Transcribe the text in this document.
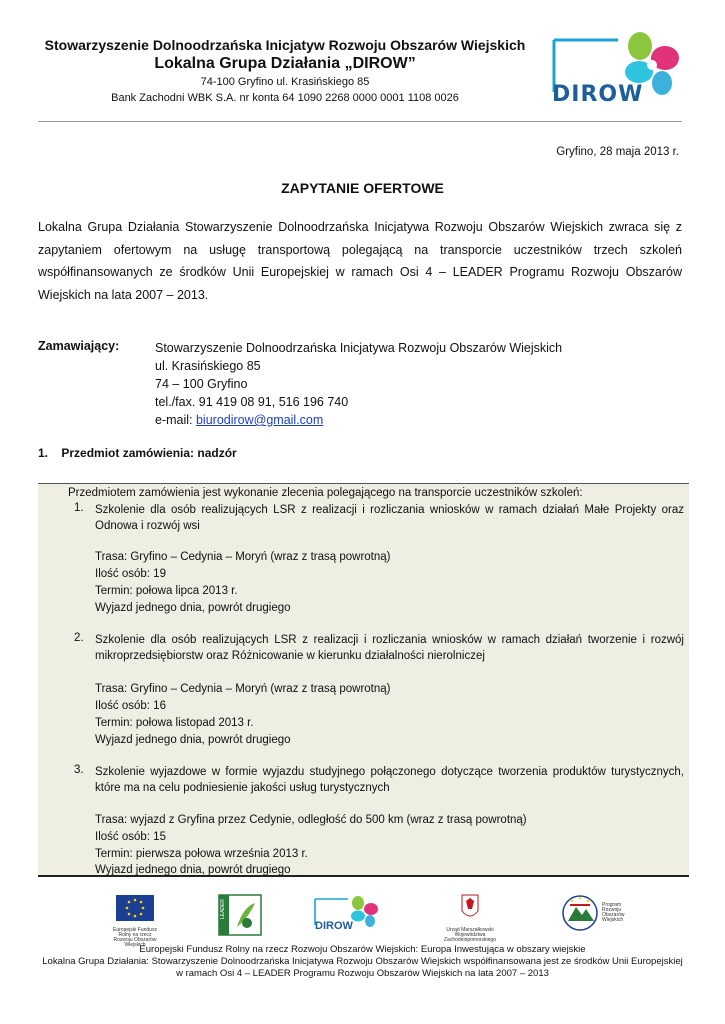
Stowarzyszenie Dolnoodrzańska Inicjatyw Rozwoju Obszarów Wiejskich
Lokalna Grupa Działania „DIROW”
74-100 Gryfino ul. Krasińskiego 85
Bank Zachodni WBK S.A. nr konta 64 1090 2268 0000 0001 1108 0026	DIROW
Gryfino, 28 maja 2013 r.
ZAPYTANIE OFERTOWE
Lokalna Grupa Działania Stowarzyszenie Dolnoodrzańska Inicjatywa Rozwoju Obszarów Wiejskich zwraca się z zapytaniem ofertowym na usługę transportową polegającą na transporcie uczestników trzech szkoleń współfinansowanych ze środków Unii Europejskiej w ramach Osi 4 – LEADER Programu Rozwoju Obszarów Wiejskich na lata 2007 – 2013.
Zamawiający:	Stowarzyszenie Dolnoodrzańska Inicjatywa Rozwoju Obszarów Wiejskich
ul. Krasińskiego 85
74 – 100 Gryfino
tel./fax. 91 419 08 91, 516 196 740
e-mail: biurodirow@gmail.com
1. Przedmiot zamówienia: nadzór
Przedmiotem zamówienia jest wykonanie zlecenia polegającego na transporcie uczestników szkoleń:
1. Szkolenie dla osób realizujących LSR z realizacji i rozliczania wniosków w ramach działań Małe Projekty oraz Odnowa i rozwój wsi
Trasa: Gryfino – Cedynia – Moryń (wraz z trasą powrotną)
Ilość osób: 19
Termin: połowa lipca 2013 r.
Wyjazd jednego dnia, powrót drugiego
2. Szkolenie dla osób realizujących LSR z realizacji i rozliczania wniosków w ramach działań tworzenie i rozwój mikroprzedsiębiorstw oraz Różnicowanie w kierunku działalności nierolniczej
Trasa: Gryfino – Cedynia – Moryń (wraz z trasą powrotną)
Ilość osób: 16
Termin: połowa listopad 2013 r.
Wyjazd jednego dnia, powrót drugiego
3. Szkolenie wyjazdowe w formie wyjazdu studyjnego połączonego dotyczące tworzenia produktów turystycznych, które ma na celu podniesienie jakości usług turystycznych
Trasa: wyjazd z Gryfina przez Cedynie, odległość do 500 km (wraz z trasą powrotną)
Ilość osób: 15
Termin: pierwsza połowa września 2013 r.
Wyjazd jednego dnia, powrót drugiego
Europejski Fundusz Rolny na rzecz Rozwoju Obszarów Wiejskich
LEADER
DIROW	Urząd Marszałkowski Województwa Zachodniopomorskiego
Program Rozwoju Obszarów Wiejskich
Europejski Fundusz Rolny na rzecz Rozwoju Obszarów Wiejskich: Europa Inwestująca w obszary wiejskie
Lokalna Grupa Działania: Stowarzyszenie Dolnoodrzańska Inicjatywa Rozwoju Obszarów Wiejskich współfinansowana jest ze środków Unii Europejskiej
w ramach Osi 4 – LEADER Programu Rozwoju Obszarów Wiejskich na lata 2007 – 2013
